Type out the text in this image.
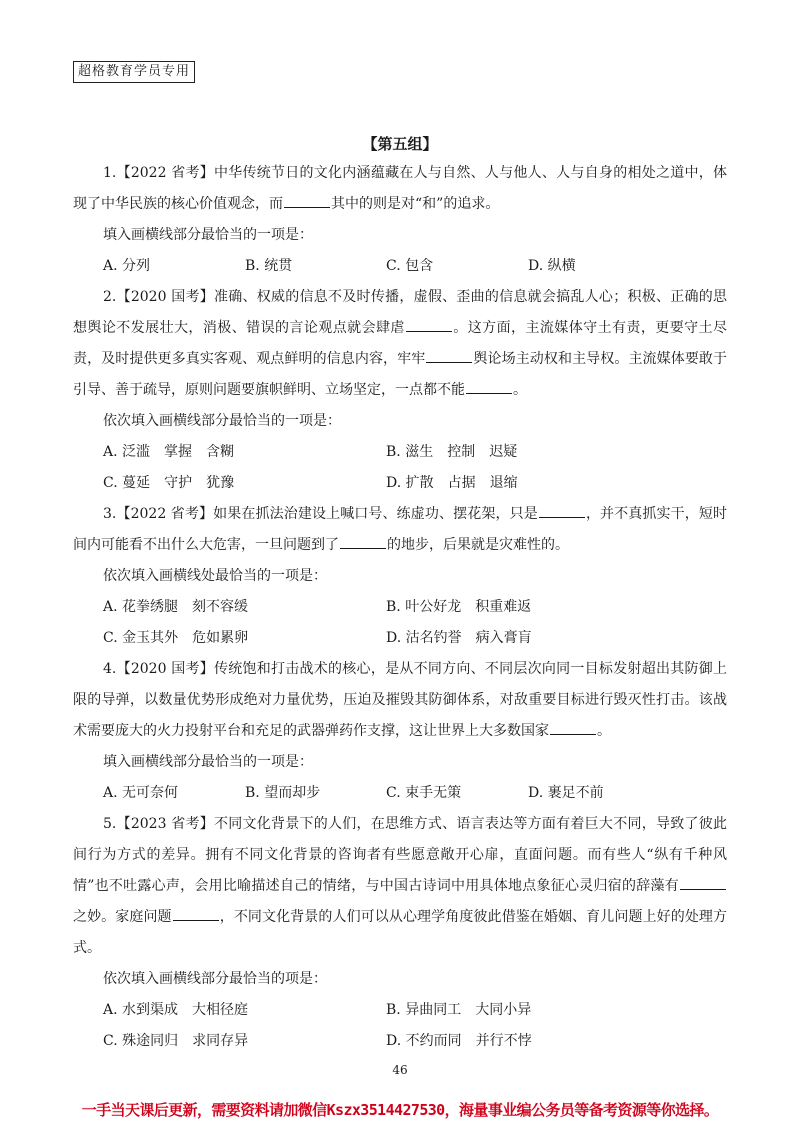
超格教育学员专用
【第五组】

1.【2022 省考】中华传统节日的文化内涵蕴藏在人与自然、人与他人、人与自身的相处之道中，体现了中华民族的核心价值观念，而	其中的则是对“和”的追求。

填入画横线部分最恰当的一项是：

A. 分列	B. 统贯	C. 包含	D. 纵横

2.【2020 国考】准确、权威的信息不及时传播，虚假、歪曲的信息就会搞乱人心；积极、正确的思想舆论不发展壮大，消极、错误的言论观点就会肆虐	。这方面，主流媒体守土有责，更要守土尽责，及时提供更多真实客观、观点鲜明的信息内容，牢牢	舆论场主动权和主导权。主流媒体要敢于引导、善于疏导，原则问题要旗帜鲜明、立场坚定，一点都不能	。

依次填入画横线部分最恰当的一项是：

A. 泛滥　掌握　含糊	B. 滋生　控制　迟疑
C. 蔓延　守护　犹豫	D. 扩散　占据　退缩

3.【2022 省考】如果在抓法治建设上喊口号、练虚功、摆花架，只是	，并不真抓实干，短时间内可能看不出什么大危害，一旦问题到了	的地步，后果就是灾难性的。

依次填入画横线处最恰当的一项是：

A. 花拳绣腿　刻不容缓	B. 叶公好龙　积重难返
C. 金玉其外　危如累卵	D. 沽名钓誉　病入膏肓

4.【2020 国考】传统饱和打击战术的核心，是从不同方向、不同层次向同一目标发射超出其防御上限的导弹，以数量优势形成绝对力量优势，压迫及摧毁其防御体系，对敌重要目标进行毁灭性打击。该战术需要庞大的火力投射平台和充足的武器弹药作支撑，这让世界上大多数国家	。

填入画横线部分最恰当的一项是：

A. 无可奈何	B. 望而却步	C. 束手无策	D. 裹足不前

5.【2023 省考】不同文化背景下的人们，在思维方式、语言表达等方面有着巨大不同，导致了彼此间行为方式的差异。拥有不同文化背景的咨询者有些愿意敞开心扉，直面问题。而有些人“纵有千种风情”也不吐露心声，会用比喻描述自己的情绪，与中国古诗词中用具体地点象征心灵归宿的辞藻有之妙。家庭问题	，不同文化背景的人们可以从心理学角度彼此借鉴在婚姻、育儿问题上好的处理方式。

依次填入画横线部分最恰当的项是：

A. 水到渠成　大相径庭	B. 异曲同工　大同小异
C. 殊途同归　求同存异	D. 不约而同　并行不悖
46
一手当天课后更新，需要资料请加微信Kszx3514427530，海量事业编公务员等备考资源等你选择。
